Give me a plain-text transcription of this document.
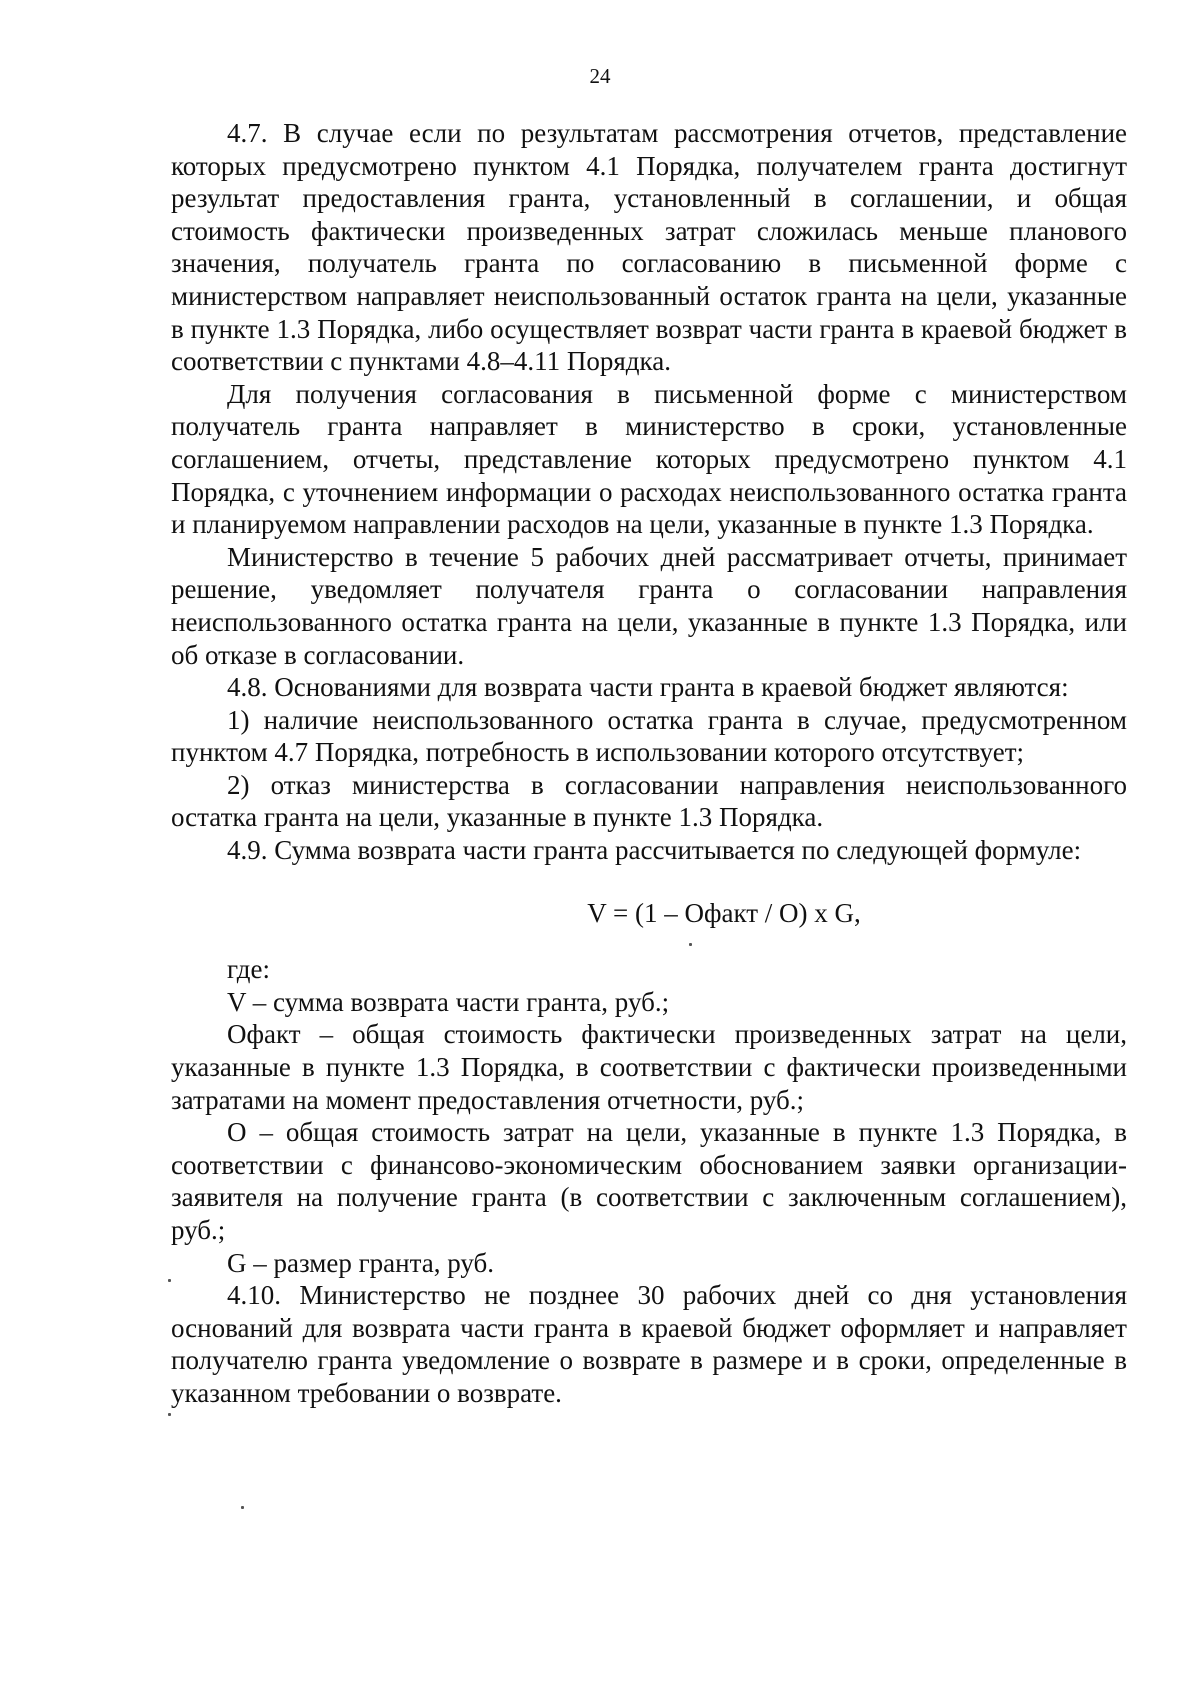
24

4.7. В случае если по результатам рассмотрения отчетов, представление которых предусмотрено пунктом 4.1 Порядка, получателем гранта достигнут результат предоставления гранта, установленный в соглашении, и общая стоимость фактически произведенных затрат сложилась меньше планового значения, получатель гранта по согласованию в письменной форме с министерством направляет неиспользованный остаток гранта на цели, указанные в пункте 1.3 Порядка, либо осуществляет возврат части гранта в краевой бюджет в соответствии с пунктами 4.8–4.11 Порядка.

Для получения согласования в письменной форме с министерством получатель гранта направляет в министерство в сроки, установленные соглашением, отчеты, представление которых предусмотрено пунктом 4.1 Порядка, с уточнением информации о расходах неиспользованного остатка гранта и планируемом направлении расходов на цели, указанные в пункте 1.3 Порядка.

Министерство в течение 5 рабочих дней рассматривает отчеты, принимает решение, уведомляет получателя гранта о согласовании направления неиспользованного остатка гранта на цели, указанные в пункте 1.3 Порядка, или об отказе в согласовании.

4.8. Основаниями для возврата части гранта в краевой бюджет являются:

1) наличие неиспользованного остатка гранта в случае, предусмотренном пунктом 4.7 Порядка, потребность в использовании которого отсутствует;

2) отказ министерства в согласовании направления неиспользованного остатка гранта на цели, указанные в пункте 1.3 Порядка.

4.9. Сумма возврата части гранта рассчитывается по следующей формуле:

V = (1 – Офакт / О) x G,

где:

V – сумма возврата части гранта, руб.;

Офакт – общая стоимость фактически произведенных затрат на цели, указанные в пункте 1.3 Порядка, в соответствии с фактически произведенными затратами на момент предоставления отчетности, руб.;

О – общая стоимость затрат на цели, указанные в пункте 1.3 Порядка, в соответствии с финансово-экономическим обоснованием заявки организации-заявителя на получение гранта (в соответствии с заключенным соглашением), руб.;

G – размер гранта, руб.

4.10. Министерство не позднее 30 рабочих дней со дня установления оснований для возврата части гранта в краевой бюджет оформляет и направляет получателю гранта уведомление о возврате в размере и в сроки, определенные в указанном требовании о возврате.
